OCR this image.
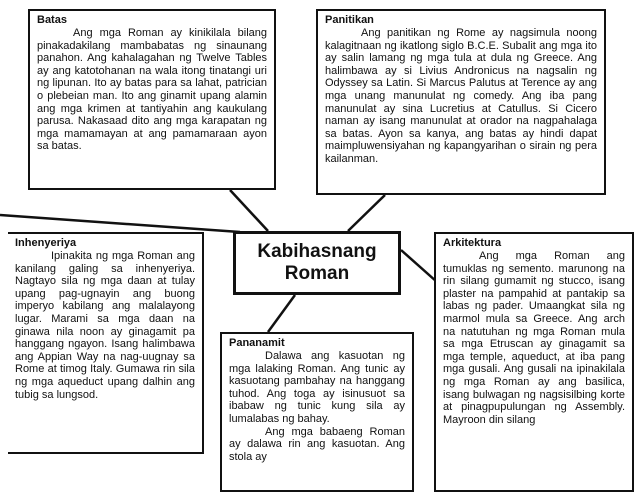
Batas

Ang mga Roman ay kinikilala bilang pinakadakilang mambabatas ng sinaunang panahon. Ang kahalagahan ng Twelve Tables ay ang katotohanan na wala itong tinatangi uri ng lipunan. Ito ay batas para sa lahat, patrician o plebeian man. Ito ang ginamit upang alamin ang mga krimen at tantiyahin ang kaukulang parusa. Nakasaad dito ang mga karapatan ng mga mamamayan at ang pamamaraan ayon sa batas.

Panitikan

Ang panitikan ng Rome ay nagsimula noong kalagitnaan ng ikatlong siglo B.C.E. Subalit ang mga ito ay salin lamang ng mga tula at dula ng Greece. Ang halimbawa ay si Livius Andronicus na nagsalin ng Odyssey sa Latin. Si Marcus Palutus at Terence ay ang mga unang manunulat ng comedy. Ang iba pang manunulat ay sina Lucretius at Catullus. Si Cicero naman ay isang manunulat at orador na nagpahalaga sa batas. Ayon sa kanya, ang batas ay hindi dapat maimpluwensiyahan ng kapangyarihan o sirain ng pera kailanman.

Inhenyeriya

Ipinakita ng mga Roman ang kanilang galing sa inhenyeriya. Nagtayo sila ng mga daan at tulay upang pag-ugnayin ang buong imperyo kabilang ang malalayong lugar. Marami sa mga daan na ginawa nila noon ay ginagamit pa hanggang ngayon. Isang halimbawa ang Appian Way na nag-uugnay sa Rome at timog Italy. Gumawa rin sila ng mga aqueduct upang dalhin ang tubig sa lungsod.

Kabihasnang
Roman
Pananamit

Dalawa ang kasuotan ng mga lalaking Roman. Ang tunic ay kasuotang pambahay na hanggang tuhod. Ang toga ay isinusuot sa ibabaw ng tunic kung sila ay lumalabas ng bahay.

Ang mga babaeng Roman ay dalawa rin ang kasuotan. Ang stola ay

Arkitektura

Ang mga Roman ang tumuklas ng semento. marunong na rin silang gumamit ng stucco, isang plaster na pampahid at pantakip sa labas ng pader. Umaangkat sila ng marmol mula sa Greece. Ang arch na natutuhan ng mga Roman mula sa mga Etruscan ay ginagamit sa mga temple, aqueduct, at iba pang mga gusali. Ang gusali na ipinakilala ng mga Roman ay ang basilica, isang bulwagan ng nagsisilbing korte at pinagpupulungan ng Assembly. Mayroon din silang
